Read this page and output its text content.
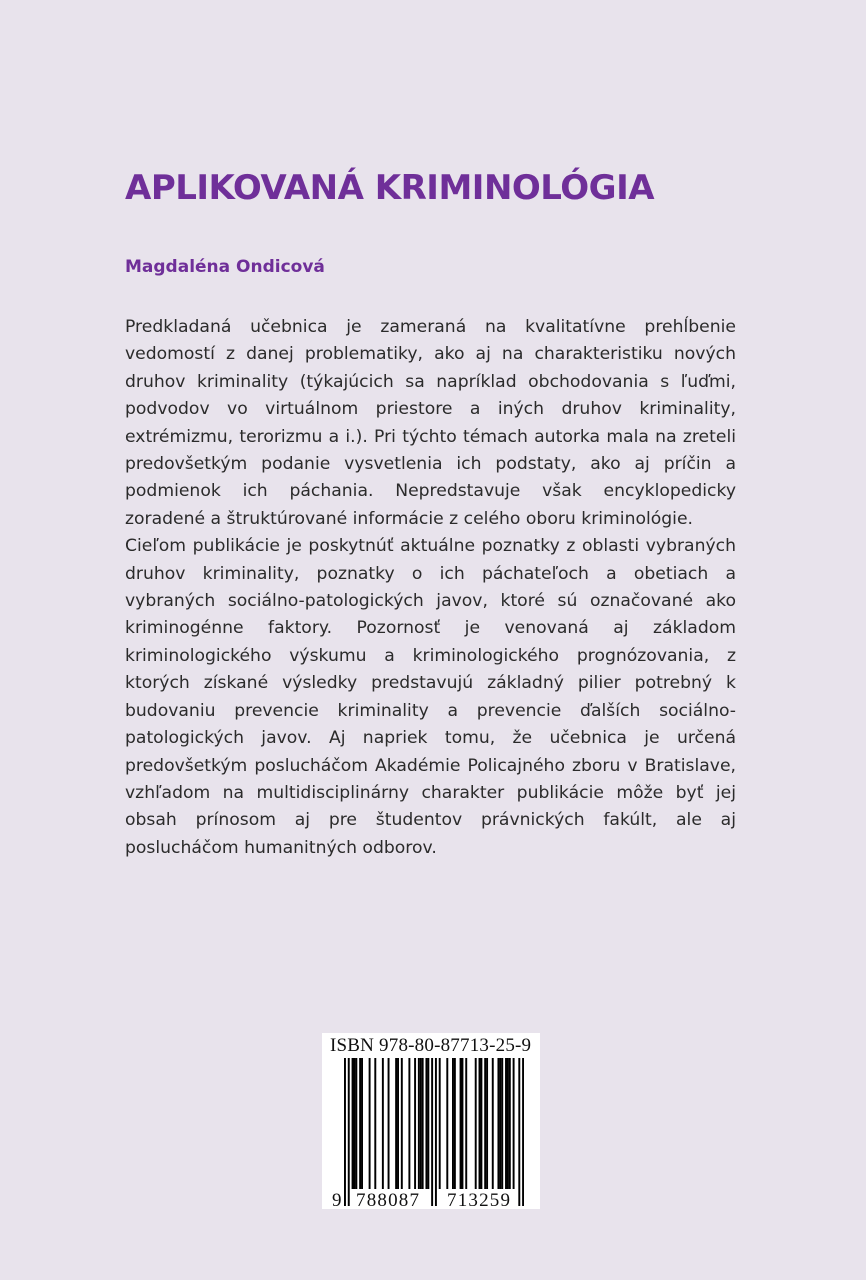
APLIKOVANÁ KRIMINOLÓGIA
Magdaléna Ondicová

Predkladaná učebnica je zameraná na kvalitatívne prehĺbenie vedomostí z danej problematiky, ako aj na charakteristiku nových druhov kriminality (týkajúcich sa napríklad obchodovania s ľuďmi, podvodov vo virtuálnom priestore a iných druhov kriminality, extrémizmu, terorizmu a i.). Pri týchto témach autorka mala na zreteli predovšetkým podanie vysvetlenia ich podstaty, ako aj príčin a podmienok ich páchania. Nepredstavuje však encyklopedicky zoradené a štruktúrované informácie z celého oboru kriminológie.

Cieľom publikácie je poskytnúť aktuálne poznatky z oblasti vybraných druhov kriminality, poznatky o ich páchateľoch a obetiach a vybraných sociálno-patologických javov, ktoré sú označované ako kriminogénne faktory. Pozornosť je venovaná aj základom kriminologického výskumu a kriminologického prognózovania, z ktorých získané výsledky predstavujú základný pilier potrebný k budovaniu prevencie kriminality a prevencie ďalších sociálno-patologických javov. Aj napriek tomu, že učebnica je určená predovšetkým poslucháčom Akadémie Policajného zboru v Bratislave, vzhľadom na multidisciplinárny charakter publikácie môže byť jej obsah prínosom aj pre študentov právnických fakúlt, ale aj poslucháčom humanitných odborov.

ISBN 978-80-87713-25-9
9 788087	713259
